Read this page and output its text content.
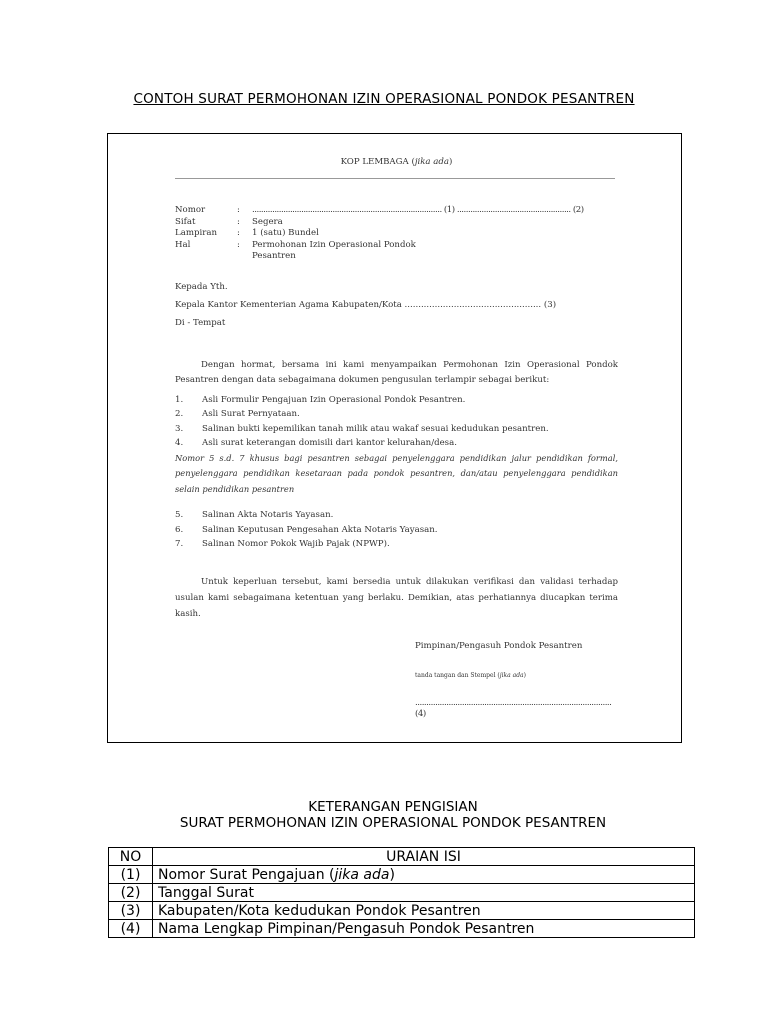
CONTOH SURAT PERMOHONAN IZIN OPERASIONAL PONDOK PESANTREN
KOP LEMBAGA (jika ada)
Nomor	:	..................................................................................... (1) ................................................... (2)
Sifat	:	Segera
Lampiran	:	1 (satu) Bundel
Hal	:	Permohonan Izin Operasional Pondok
Pesantren

Kepada Yth.

Kepala Kantor Kementerian Agama Kabupaten/Kota .................................................. (3)

Di - Tempat

Dengan hormat, bersama ini kami menyampaikan Permohonan Izin Operasional Pondok Pesantren dengan data sebagaimana dokumen pengusulan terlampir sebagai berikut:
1.	Asli Formulir Pengajuan Izin Operasional Pondok Pesantren.
2.	Asli Surat Pernyataan.
3.	Salinan bukti kepemilikan tanah milik atau wakaf sesuai kedudukan pesantren.
4.	Asli surat keterangan domisili dari kantor kelurahan/desa.
Nomor 5 s.d. 7 khusus bagi pesantren sebagai penyelenggara pendidikan jalur pendidikan formal, penyelenggara pendidikan kesetaraan pada pondok pesantren, dan/atau penyelenggara pendidikan selain pendidikan pesantren
5.	Salinan Akta Notaris Yayasan.
6.	Salinan Keputusan Pengesahan Akta Notaris Yayasan.
7.	Salinan Nomor Pokok Wajib Pajak (NPWP).
Untuk keperluan tersebut, kami bersedia untuk dilakukan verifikasi dan validasi terhadap usulan kami sebagaimana ketentuan yang berlaku. Demikian, atas perhatiannya diucapkan terima kasih.
Pimpinan/Pengasuh Pondok Pesantren
tanda tangan dan Stempel (jika ada)
........................................................................................ (4)
KETERANGAN PENGISIAN
SURAT PERMOHONAN IZIN OPERASIONAL PONDOK PESANTREN
NO	URAIAN ISI
(1)	Nomor Surat Pengajuan (jika ada)
(2)	Tanggal Surat
(3)	Kabupaten/Kota kedudukan Pondok Pesantren
(4)	Nama Lengkap Pimpinan/Pengasuh Pondok Pesantren
